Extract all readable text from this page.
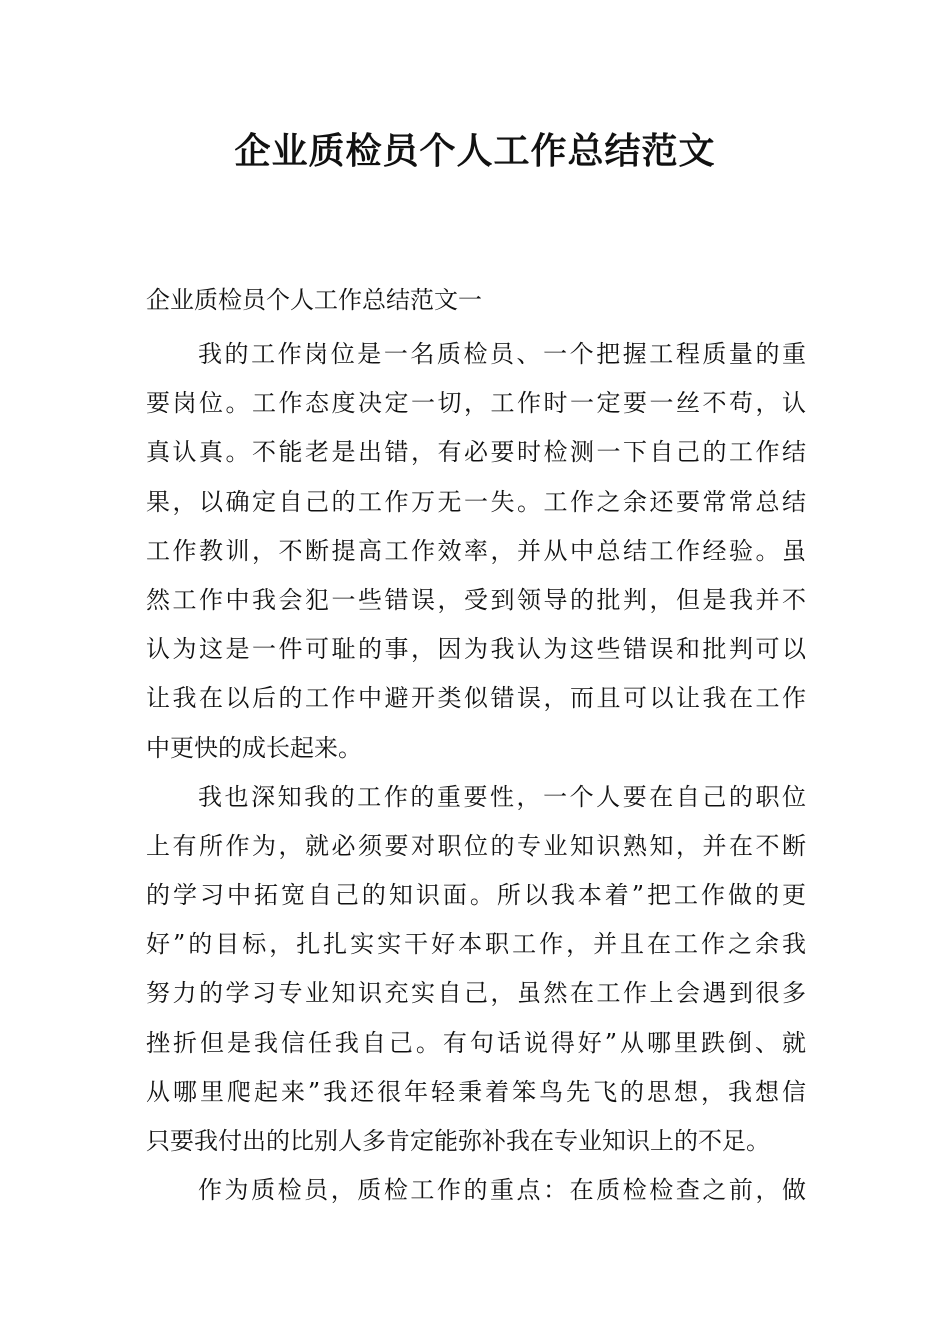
企业质检员个人工作总结范文

企业质检员个人工作总结范文一

我的工作岗位是一名质检员、一个把握工程质量的重
要岗位。工作态度决定一切，工作时一定要一丝不苟，认
真认真。不能老是出错，有必要时检测一下自己的工作结
果，以确定自己的工作万无一失。工作之余还要常常总结
工作教训，不断提高工作效率，并从中总结工作经验。虽
然工作中我会犯一些错误，受到领导的批判，但是我并不
认为这是一件可耻的事，因为我认为这些错误和批判可以
让我在以后的工作中避开类似错误，而且可以让我在工作
中更快的成长起来。

我也深知我的工作的重要性，一个人要在自己的职位
上有所作为，就必须要对职位的专业知识熟知，并在不断
的学习中拓宽自己的知识面。所以我本着”把工作做的更
好”的目标，扎扎实实干好本职工作，并且在工作之余我
努力的学习专业知识充实自己，虽然在工作上会遇到很多
挫折但是我信任我自己。有句话说得好”从哪里跌倒、就
从哪里爬起来”我还很年轻秉着笨鸟先飞的思想，我想信
只要我付出的比别人多肯定能弥补我在专业知识上的不足。

作为质检员，质检工作的重点：在质检检查之前，做
